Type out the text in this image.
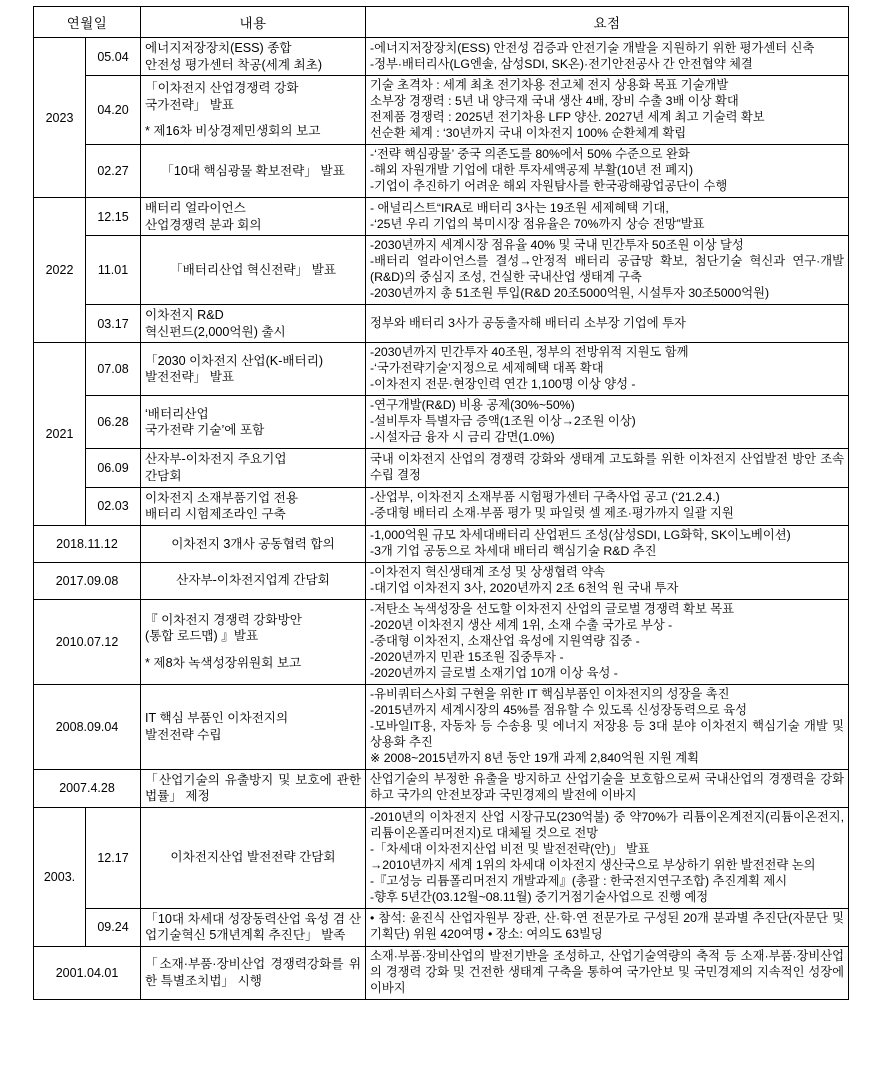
연월일		내용	요점
2023	05.04	에너지저장장치(ESS) 종합
안전성 평가센터 착공(세계 최초)	-에너지저장장치(ESS) 안전성 검증과 안전기술 개발을 지원하기 위한 평가센터 신축
-정부·배터리사(LG엔솔, 삼성SDI, SK온)·전기안전공사 간 안전협약 체결

	04.20	「이차전지 산업경쟁력 강화
국가전략」 발표
* 제16차 비상경제민생회의 보고	기술 초격차 : 세계 최초 전기차용 전고체 전지 상용화 목표 기술개발
소부장 경쟁력 : 5년 내 양극재 국내 생산 4배, 장비 수출 3배 이상 확대
전제품 경쟁력 : 2025년 전기차용 LFP 양산. 2027년 세계 최고 기술력 확보
선순환 체계 : ‘30년까지 국내 이차전지 100% 순환체계 확립

	02.27	「10대 핵심광물 확보전략」 발표	-‘전략 핵심광물’ 중국 의존도를 80%에서 50% 수준으로 완화
-해외 자원개발 기업에 대한 투자세액공제 부활(10년 전 폐지)
-기업이 추진하기 어려운 해외 자원탐사를 한국광해광업공단이 수행

2022	12.15	배터리 얼라이언스
산업경쟁력 분과 회의	- 애널리스트“IRA로 배터리 3사는 19조원 세제혜택 기대,
-‘25년 우리 기업의 북미시장 점유율은 70%까지 상승 전망”발표

	11.01	「배터리산업 혁신전략」 발표	-2030년까지 세계시장 점유율 40% 및 국내 민간투자 50조원 이상 달성
-배터리 얼라이언스를 결성→안정적 배터리 공급망 확보, 첨단기술 혁신과 연구·개발(R&D)의 중심지 조성, 건실한 국내산업 생태계 구축
-2030년까지 총 51조원 투입(R&D 20조5000억원, 시설투자 30조5000억원)

	03.17	이차전지 R&D
혁신펀드(2,000억원) 출시	정부와 배터리 3사가 공동출자해 배터리 소부장 기업에 투자

2021	07.08	「2030 이차전지 산업(K-배터리)
발전전략」 발표	-2030년까지 민간투자 40조원, 정부의 전방위적 지원도 함께
-‘국가전략기술’지정으로 세제혜택 대폭 확대
-이차전지 전문·현장인력 연간 1,100명 이상 양성 -

	06.28	‘배터리산업
국가전략 기술’에 포함	-연구개발(R&D) 비용 공제(30%~50%)
-설비투자 특별자금 증액(1조원 이상→2조원 이상)
-시설자금 융자 시 금리 감면(1.0%)

	06.09	산자부-이차전지 주요기업
간담회	국내 이차전지 산업의 경쟁력 강화와 생태계 고도화를 위한 이차전지 산업발전 방안 조속 수립 결정

	02.03	이차전지 소재부품기업 전용
배터리 시험제조라인 구축	-산업부, 이차전지 소재부품 시험평가센터 구축사업 공고 (‘21.2.4.)
-중대형 배터리 소재·부품 평가 및 파일럿 셀 제조·평가까지 일괄 지원

2018.11.12		이차전지 3개사 공동협력 합의	-1,000억원 규모 차세대배터리 산업펀드 조성(삼성SDI, LG화학, SK이노베이션)
-3개 기업 공동으로 차세대 배터리 핵심기술 R&D 추진

2017.09.08		산자부-이차전지업계 간담회	-이차전지 혁신생태계 조성 및 상생협력 약속
-대기업 이차전지 3사, 2020년까지 2조 6천억 원 국내 투자

2010.07.12		『 이차전지 경쟁력 강화방안
(통합 로드맵) 』발표
* 제8차 녹색성장위원회 보고	-저탄소 녹색성장을 선도할 이차전지 산업의 글로벌 경쟁력 확보 목표
-2020년 이차전지 생산 세계 1위, 소재 수출 국가로 부상 -
-중대형 이차전지, 소재산업 육성에 지원역량 집중 -
-2020년까지 민관 15조원 집중투자 -
-2020년까지 글로벌 소재기업 10개 이상 육성 -

2008.09.04		IT 핵심 부품인 이차전지의
발전전략 수립	-유비쿼터스사회 구현을 위한 IT 핵심부품인 이차전지의 성장을 촉진
-2015년까지 세계시장의 45%를 점유할 수 있도록 신성장동력으로 육성
-모바일IT용, 자동차 등 수송용 및 에너지 저장용 등 3대 분야 이차전지 핵심기술 개발 및 상용화 추진
※ 2008~2015년까지 8년 동안 19개 과제 2,840억원 지원 계획

2007.4.28		「산업기술의 유출방지 및 보호에 관한 법률」 제정	산업기술의 부정한 유출을 방지하고 산업기술을 보호함으로써 국내산업의 경쟁력을 강화하고 국가의 안전보장과 국민경제의 발전에 이바지

2003.	12.17	이차전지산업 발전전략 간담회	-2010년의 이차전지 산업 시장규모(230억불) 중 약70%가 리튬이온계전지(리튬이온전지, 리튬이온폴리머전지)로 대체될 것으로 전망
-「차세대 이차전지산업 비전 및 발전전략(안)」 발표
→2010년까지 세계 1위의 차세대 이차전지 생산국으로 부상하기 위한 발전전략 논의
-『고성능 리튬폴리머전지 개발과제』(총괄 : 한국전지연구조합) 추진계획 제시
-향후 5년간(03.12월~08.11월) 중기거점기술사업으로 진행 예정

	09.24	「10대 차세대 성장동력산업 육성 겸 산업기술혁신 5개년계획 추진단」 발족	• 참석: 윤진식 산업자원부 장관, 산·학·연 전문가로 구성된 20개 분과별 추진단(자문단 및 기획단) 위원 420여명 • 장소: 여의도 63빌딩

2001.04.01		「소재·부품·장비산업 경쟁력강화를 위한 특별조치법」 시행	소재·부품·장비산업의 발전기반을 조성하고, 산업기술역량의 축적 등 소재·부품·장비산업의 경쟁력 강화 및 건전한 생태계 구축을 통하여 국가안보 및 국민경제의 지속적인 성장에 이바지
